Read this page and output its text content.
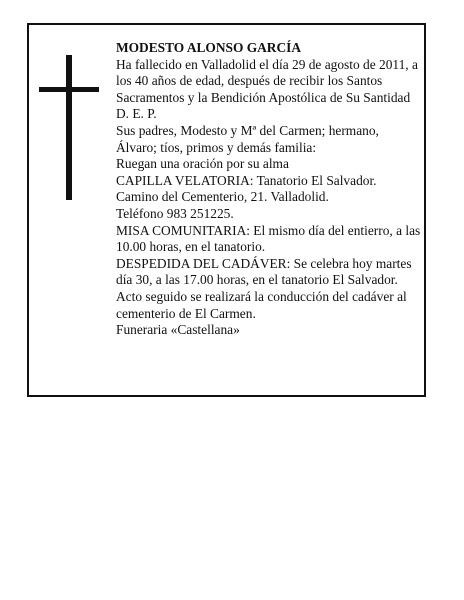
MODESTO ALONSO GARCÍA

Ha fallecido en Valladolid el día 29 de agosto de 2011, a los 40 años de edad, después de recibir los Santos Sacramentos y la Bendición Apostólica de Su Santidad

D. E. P.

Sus padres, Modesto y Mª del Carmen; hermano, Álvaro; tíos, primos y demás familia:

Ruegan una oración por su alma

CAPILLA VELATORIA: Tanatorio El Salvador. Camino del Cementerio, 21. Valladolid.

Teléfono 983 251225.

MISA COMUNITARIA: El mismo día del entierro, a las 10.00 horas, en el tanatorio.

DESPEDIDA DEL CADÁVER: Se celebra hoy martes día 30, a las 17.00 horas, en el tanatorio El Salvador.

Acto seguido se realizará la conducción del cadáver al cementerio de El Carmen.

Funeraria «Castellana»
